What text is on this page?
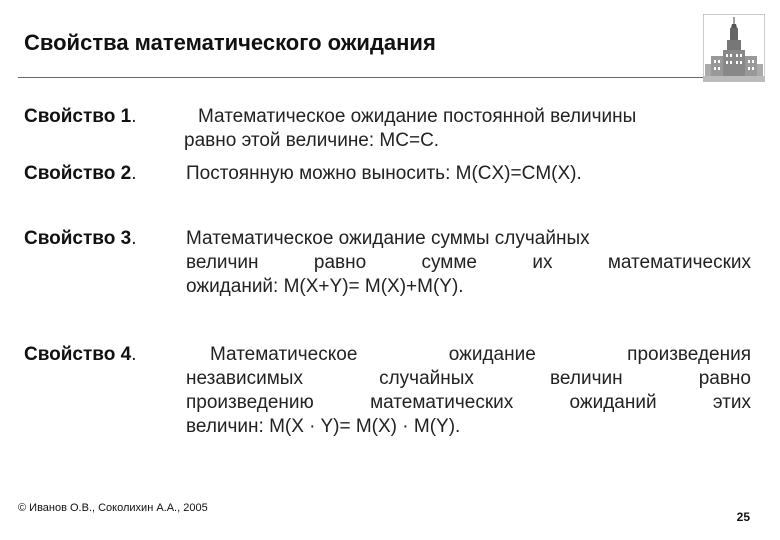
Свойства математического ожидания
Свойство 1.	Математическое ожидание постоянной величины
равно этой величине: MC=C.
Свойство 2.	Постоянную можно выносить: M(CX)=CM(X).
Свойство 3.	Математическое ожидание суммы случайных
величин	равно	сумме	их	математических
ожиданий: M(X+Y)= M(X)+M(Y).
Свойство 4.	Математическое	ожидание	произведения
независимых	случайных	величин	равно
произведению	математических	ожиданий	этих
величин: M(X · Y)= M(X) · M(Y).
© Иванов О.В., Соколихин А.А., 2005
25
